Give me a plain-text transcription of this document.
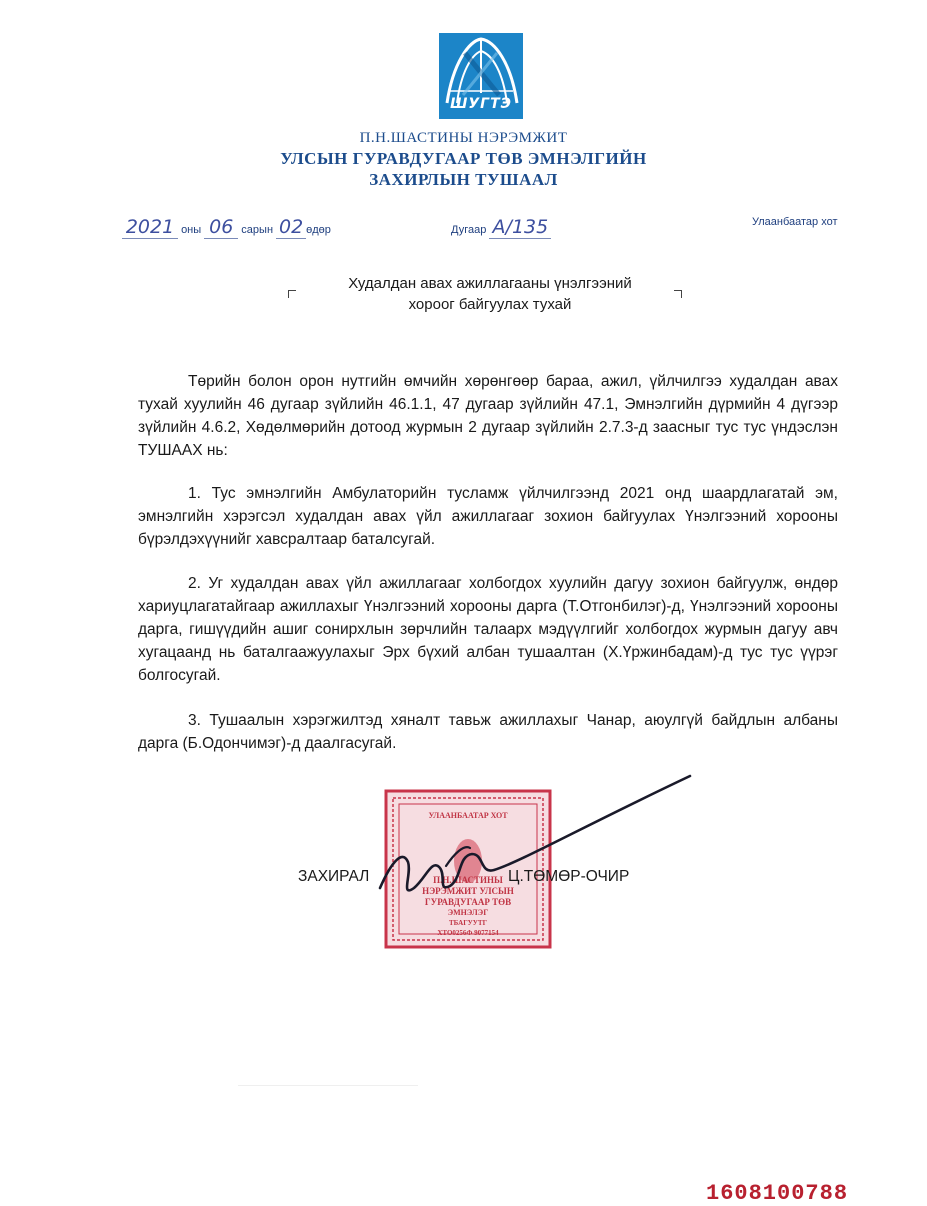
ШУГТЭ
П.Н.ШАСТИНЫ НЭРЭМЖИТ
УЛСЫН ГУРАВДУГААР ТӨВ ЭМНЭЛГИЙН
ЗАХИРЛЫН ТУШААЛ
2021 оны 06 сарын 02 өдөр	Дугаар А/135	Улаанбаатар хот
Худалдан авах ажиллагааны үнэлгээний
хороог байгуулах тухай
Төрийн болон орон нутгийн өмчийн хөрөнгөөр бараа, ажил, үйлчилгээ худалдан авах тухай хуулийн 46 дугаар зүйлийн 46.1.1, 47 дугаар зүйлийн 47.1, Эмнэлгийн дүрмийн 4 дүгээр зүйлийн 4.6.2, Хөдөлмөрийн дотоод журмын 2 дугаар зүйлийн 2.7.3-д заасныг тус тус үндэслэн ТУШААХ нь:
1. Тус эмнэлгийн Амбулаторийн тусламж үйлчилгээнд 2021 онд шаардлагатай эм, эмнэлгийн хэрэгсэл худалдан авах үйл ажиллагааг зохион байгуулах Үнэлгээний хорооны бүрэлдэхүүнийг хавсралтаар баталсугай.
2. Уг худалдан авах үйл ажиллагааг холбогдох хуулийн дагуу зохион байгуулж, өндөр хариуцлагатайгаар ажиллахыг Үнэлгээний хорооны дарга (Т.Отгонбилэг)-д, Үнэлгээний хорооны дарга, гишүүдийн ашиг сонирхлын зөрчлийн талаарх мэдүүлгийг холбогдох журмын дагуу авч хугацаанд нь баталгаажуулахыг Эрх бүхий албан тушаалтан (Х.Үржинбадам)-д тус тус үүрэг болгосугай.
3. Тушаалын хэрэгжилтэд хяналт тавьж ажиллахыг Чанар, аюулгүй байдлын албаны дарга (Б.Одончимэг)-д даалгасугай.
УЛААНБААТАР ХОТ
П.Н.ШАСТИНЫ
НЭРЭМЖИТ УЛСЫН
ГУРАВДУГААР ТӨВ
ЭМНЭЛЭГ
ТБАГУУТГ
ХТО0256Ф 9077154
ЗАХИРАЛ	Ц.ТӨМӨР-ОЧИР
1608100788
